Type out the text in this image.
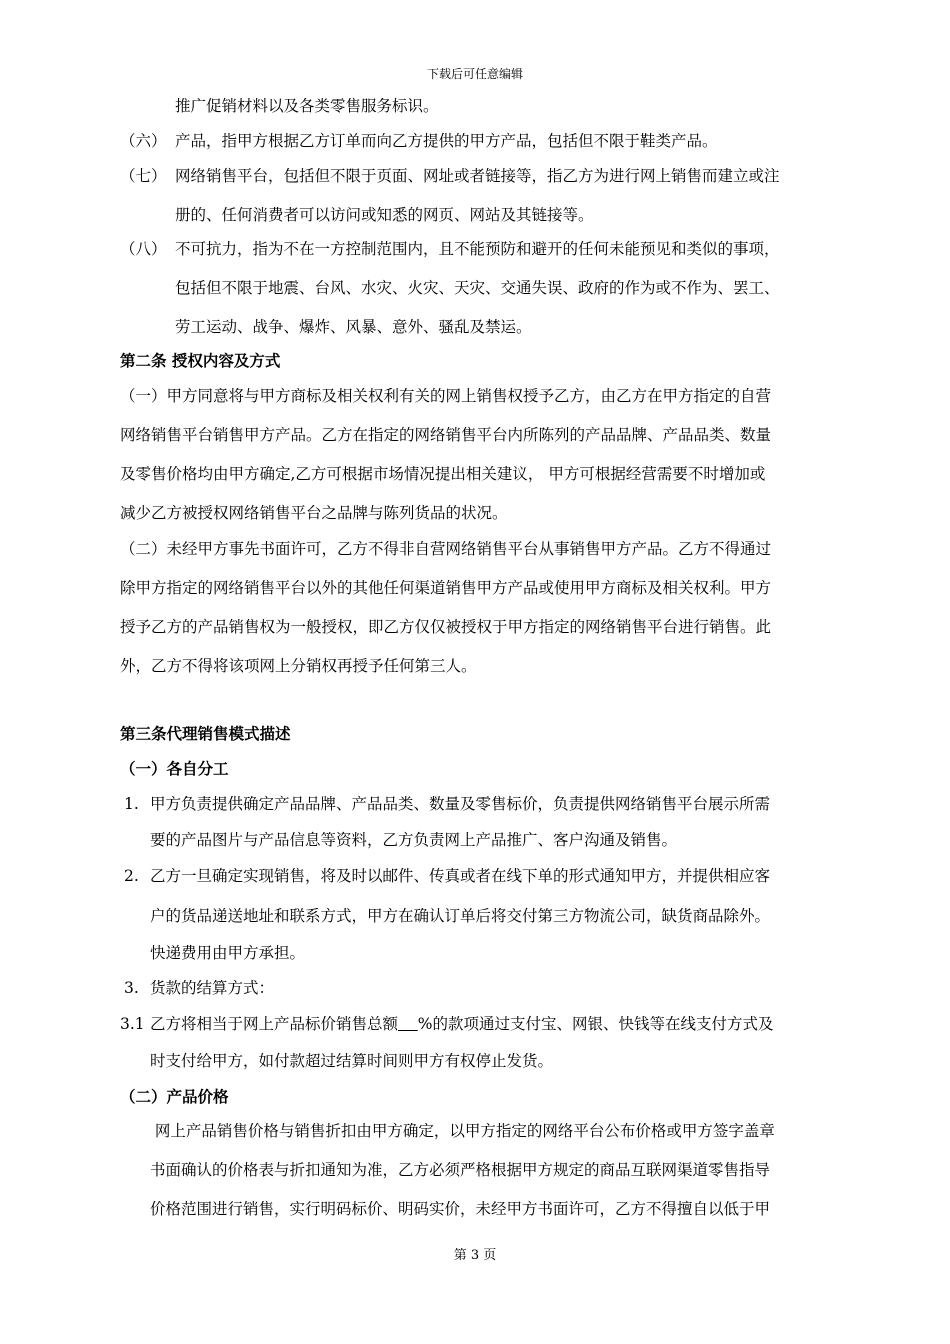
下载后可任意编辑
推广促销材料以及各类零售服务标识。
（六） 产品，指甲方根据乙方订单而向乙方提供的甲方产品，包括但不限于鞋类产品。
（七） 网络销售平台，包括但不限于页面、网址或者链接等，指乙方为进行网上销售而建立或注
册的、任何消费者可以访问或知悉的网页、网站及其链接等。
（八） 不可抗力，指为不在一方控制范围内，且不能预防和避开的任何未能预见和类似的事项，
包括但不限于地震、台风、水灾、火灾、天灾、交通失误、政府的作为或不作为、罢工、
劳工运动、战争、爆炸、风暴、意外、骚乱及禁运。
第二条 授权内容及方式
（一）甲方同意将与甲方商标及相关权利有关的网上销售权授予乙方，由乙方在甲方指定的自营
网络销售平台销售甲方产品。乙方在指定的网络销售平台内所陈列的产品品牌、产品品类、数量
及零售价格均由甲方确定,乙方可根据市场情况提出相关建议， 甲方可根据经营需要不时增加或
减少乙方被授权网络销售平台之品牌与陈列货品的状况。
（二）未经甲方事先书面许可，乙方不得非自营网络销售平台从事销售甲方产品。乙方不得通过
除甲方指定的网络销售平台以外的其他任何渠道销售甲方产品或使用甲方商标及相关权利。甲方
授予乙方的产品销售权为一般授权，即乙方仅仅被授权于甲方指定的网络销售平台进行销售。此
外，乙方不得将该项网上分销权再授予任何第三人。
第三条代理销售模式描述
（一）各自分工
1. 甲方负责提供确定产品品牌、产品品类、数量及零售标价，负责提供网络销售平台展示所需
要的产品图片与产品信息等资料，乙方负责网上产品推广、客户沟通及销售。
2. 乙方一旦确定实现销售，将及时以邮件、传真或者在线下单的形式通知甲方，并提供相应客
户的货品递送地址和联系方式，甲方在确认订单后将交付第三方物流公司，缺货商品除外。
快递费用由甲方承担。
3. 货款的结算方式：
3.1 乙方将相当于网上产品标价销售总额 %的款项通过支付宝、网银、快钱等在线支付方式及
时支付给甲方，如付款超过结算时间则甲方有权停止发货。
（二）产品价格
网上产品销售价格与销售折扣由甲方确定，以甲方指定的网络平台公布价格或甲方签字盖章
书面确认的价格表与折扣通知为准，乙方必须严格根据甲方规定的商品互联网渠道零售指导
价格范围进行销售，实行明码标价、明码实价，未经甲方书面许可，乙方不得擅自以低于甲
第 3 页
